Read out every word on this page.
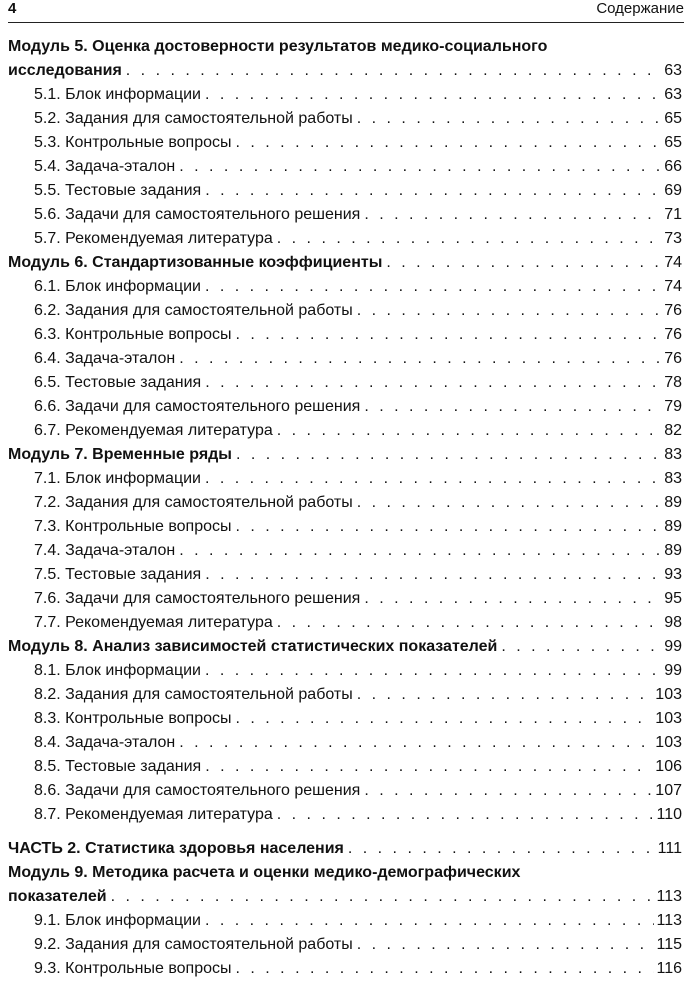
4	Содержание
Модуль 5. Оценка достоверности результатов медико-социального
исследования . . .	63
5.1. Блок информации . . .	63
5.2. Задания для самостоятельной работы . . .	65
5.3. Контрольные вопросы . . .	65
5.4. Задача-эталон . . .	66
5.5. Тестовые задания . . .	69
5.6. Задачи для самостоятельного решения . . .	71
5.7. Рекомендуемая литература . . .	73
Модуль 6. Стандартизованные коэффициенты . . .	74
6.1. Блок информации . . .	74
6.2. Задания для самостоятельной работы . . .	76
6.3. Контрольные вопросы . . .	76
6.4. Задача-эталон . . .	76
6.5. Тестовые задания . . .	78
6.6. Задачи для самостоятельного решения . . .	79
6.7. Рекомендуемая литература . . .	82
Модуль 7. Временные ряды . . .	83
7.1. Блок информации . . .	83
7.2. Задания для самостоятельной работы . . .	89
7.3. Контрольные вопросы . . .	89
7.4. Задача-эталон . . .	89
7.5. Тестовые задания . . .	93
7.6. Задачи для самостоятельного решения . . .	95
7.7. Рекомендуемая литература . . .	98
Модуль 8. Анализ зависимостей статистических показателей . . .	99
8.1. Блок информации . . .	99
8.2. Задания для самостоятельной работы . . .	103
8.3. Контрольные вопросы . . .	103
8.4. Задача-эталон . . .	103
8.5. Тестовые задания . . .	106
8.6. Задачи для самостоятельного решения . . .	107
8.7. Рекомендуемая литература . . .	110
ЧАСТЬ 2. Статистика здоровья населения . . .	111
Модуль 9. Методика расчета и оценки медико-демографических
показателей . . .	113
9.1. Блок информации . . .	113
9.2. Задания для самостоятельной работы . . .	115
9.3. Контрольные вопросы . . .	116
